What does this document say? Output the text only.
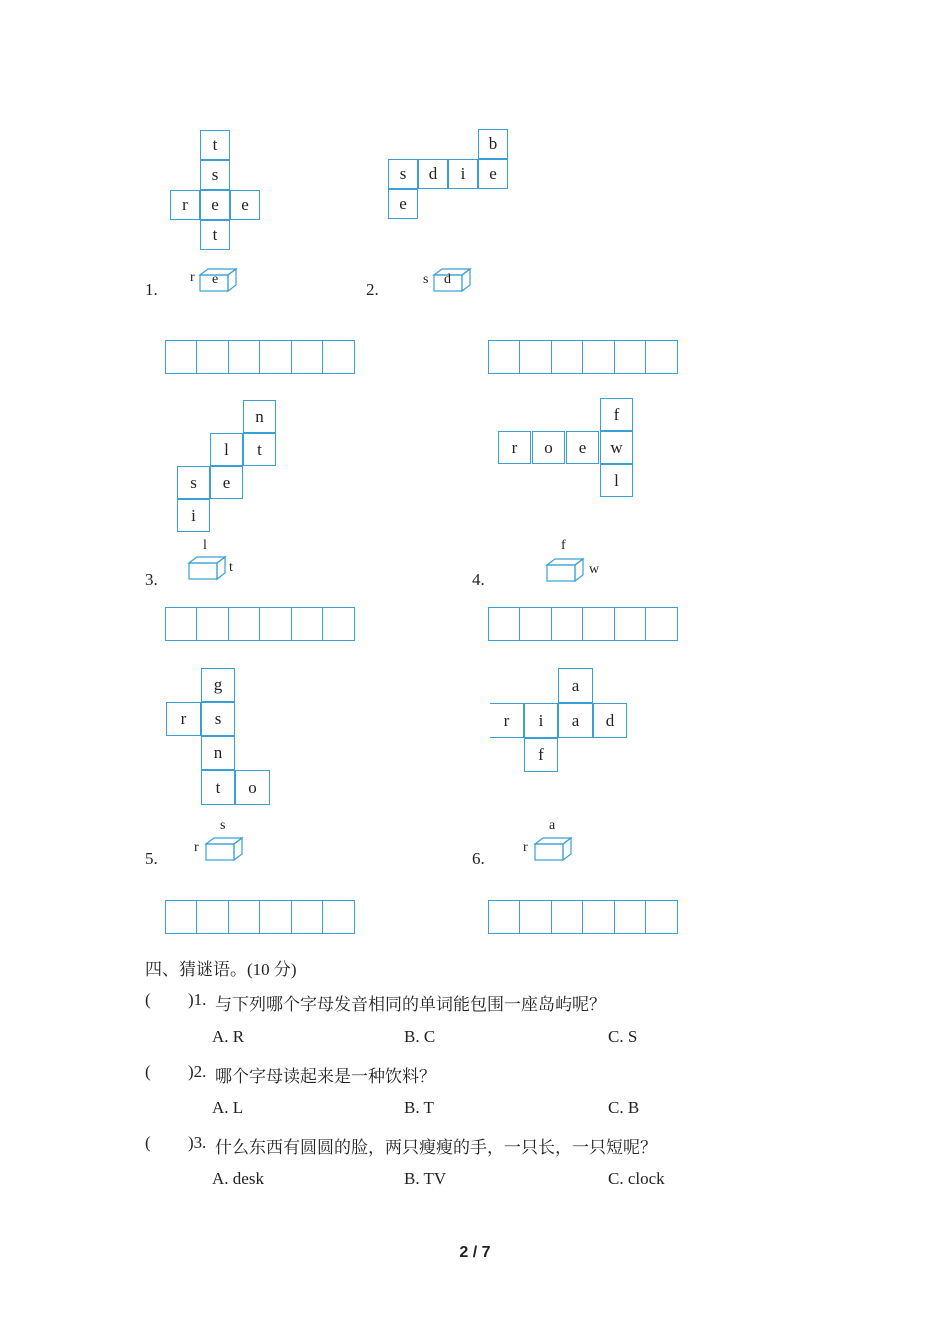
t
s
r	e	e
t
1.
r e
b
s	d	i	e
e
2.
s d
n
l	t
s	e
i
3.
l
t
f
r	o	e	w
l
4.
f
w
g
r	s
n
t	o
5.
s
r
a
r	i	a	d
f
6.
a
r
四、猜谜语。(10 分)
( )1. 与下列哪个字母发音相同的单词能包围一座岛屿呢？
A. R	B. C	C. S
( )2. 哪个字母读起来是一种饮料？
A. L	B. T	C. B
( )3. 什么东西有圆圆的脸，两只瘦瘦的手，一只长，一只短呢？
A. desk	B. TV	C. clock
2 / 7
